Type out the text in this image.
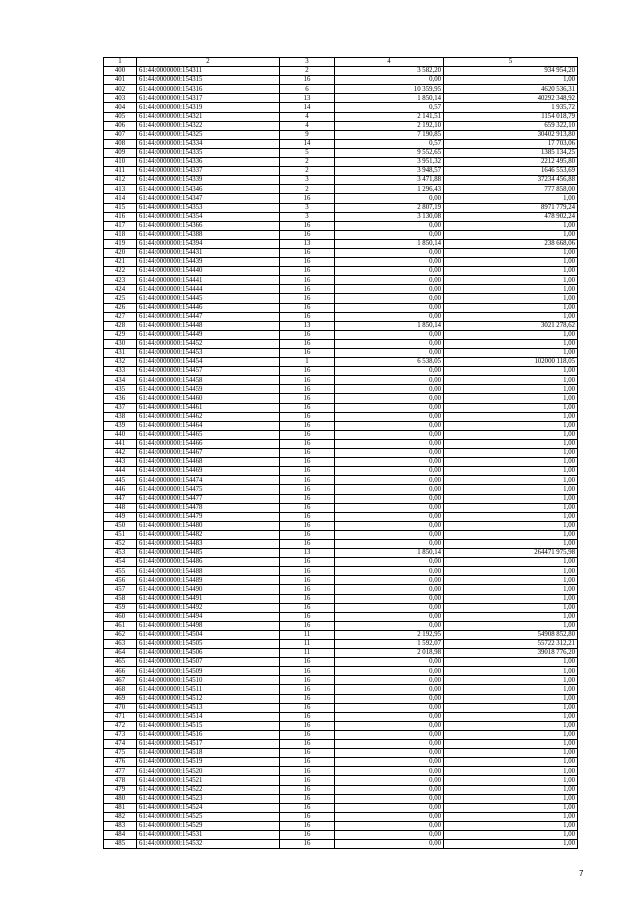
1	2	3	4	5
400	61:44:0000000:154311	2	3 582,20	934 954,20
401	61:44:0000000:154315	16	0,00	1,00
402	61:44:0000000:154316	6	10 359,95	4620 536,31
403	61:44:0000000:154317	13	1 850,14	40292 348,92
404	61:44:0000000:154319	14	0,57	1 935,72
405	61:44:0000000:154321	4	2 141,51	1154 018,79
406	61:44:0000000:154322	4	2 192,10	659 322,10
407	61:44:0000000:154325	9	7 190,85	30402 913,80
408	61:44:0000000:154334	14	0,57	17 703,06
409	61:44:0000000:154335	5	9 552,65	1385 134,25
410	61:44:0000000:154336	2	3 951,32	2212 495,80
411	61:44:0000000:154337	2	3 948,57	1646 553,69
412	61:44:0000000:154339	3	3 471,88	37234 456,88
413	61:44:0000000:154346	2	1 296,43	777 858,00
414	61:44:0000000:154347	16	0,00	1,00
415	61:44:0000000:154353	3	2 807,19	8971 779,24
416	61:44:0000000:154354	3	3 130,08	478 902,24
417	61:44:0000000:154366	16	0,00	1,00
418	61:44:0000000:154388	16	0,00	1,00
419	61:44:0000000:154394	13	1 850,14	238 668,06
420	61:44:0000000:154431	16	0,00	1,00
421	61:44:0000000:154439	16	0,00	1,00
422	61:44:0000000:154440	16	0,00	1,00
423	61:44:0000000:154441	16	0,00	1,00
424	61:44:0000000:154444	16	0,00	1,00
425	61:44:0000000:154445	16	0,00	1,00
426	61:44:0000000:154446	16	0,00	1,00
427	61:44:0000000:154447	16	0,00	1,00
428	61:44:0000000:154448	13	1 850,14	3021 278,62
429	61:44:0000000:154449	16	0,00	1,00
430	61:44:0000000:154452	16	0,00	1,00
431	61:44:0000000:154453	16	0,00	1,00
432	61:44:0000000:154454	1	6 538,05	102000 118,05
433	61:44:0000000:154457	16	0,00	1,00
434	61:44:0000000:154458	16	0,00	1,00
435	61:44:0000000:154459	16	0,00	1,00
436	61:44:0000000:154460	16	0,00	1,00
437	61:44:0000000:154461	16	0,00	1,00
438	61:44:0000000:154462	16	0,00	1,00
439	61:44:0000000:154464	16	0,00	1,00
440	61:44:0000000:154465	16	0,00	1,00
441	61:44:0000000:154466	16	0,00	1,00
442	61:44:0000000:154467	16	0,00	1,00
443	61:44:0000000:154468	16	0,00	1,00
444	61:44:0000000:154469	16	0,00	1,00
445	61:44:0000000:154474	16	0,00	1,00
446	61:44:0000000:154475	16	0,00	1,00
447	61:44:0000000:154477	16	0,00	1,00
448	61:44:0000000:154478	16	0,00	1,00
449	61:44:0000000:154479	16	0,00	1,00
450	61:44:0000000:154480	16	0,00	1,00
451	61:44:0000000:154482	16	0,00	1,00
452	61:44:0000000:154483	16	0,00	1,00
453	61:44:0000000:154485	13	1 850,14	264471 975,98
454	61:44:0000000:154486	16	0,00	1,00
455	61:44:0000000:154488	16	0,00	1,00
456	61:44:0000000:154489	16	0,00	1,00
457	61:44:0000000:154490	16	0,00	1,00
458	61:44:0000000:154491	16	0,00	1,00
459	61:44:0000000:154492	16	0,00	1,00
460	61:44:0000000:154494	16	0,00	1,00
461	61:44:0000000:154498	16	0,00	1,00
462	61:44:0000000:154504	11	2 192,95	54908 852,80
463	61:44:0000000:154505	11	1 592,07	55722 312,21
464	61:44:0000000:154506	11	2 018,98	39018 776,20
465	61:44:0000000:154507	16	0,00	1,00
466	61:44:0000000:154509	16	0,00	1,00
467	61:44:0000000:154510	16	0,00	1,00
468	61:44:0000000:154511	16	0,00	1,00
469	61:44:0000000:154512	16	0,00	1,00
470	61:44:0000000:154513	16	0,00	1,00
471	61:44:0000000:154514	16	0,00	1,00
472	61:44:0000000:154515	16	0,00	1,00
473	61:44:0000000:154516	16	0,00	1,00
474	61:44:0000000:154517	16	0,00	1,00
475	61:44:0000000:154518	16	0,00	1,00
476	61:44:0000000:154519	16	0,00	1,00
477	61:44:0000000:154520	16	0,00	1,00
478	61:44:0000000:154521	16	0,00	1,00
479	61:44:0000000:154522	16	0,00	1,00
480	61:44:0000000:154523	16	0,00	1,00
481	61:44:0000000:154524	16	0,00	1,00
482	61:44:0000000:154525	16	0,00	1,00
483	61:44:0000000:154529	16	0,00	1,00
484	61:44:0000000:154531	16	0,00	1,00
485	61:44:0000000:154532	16	0,00	1,00
7
